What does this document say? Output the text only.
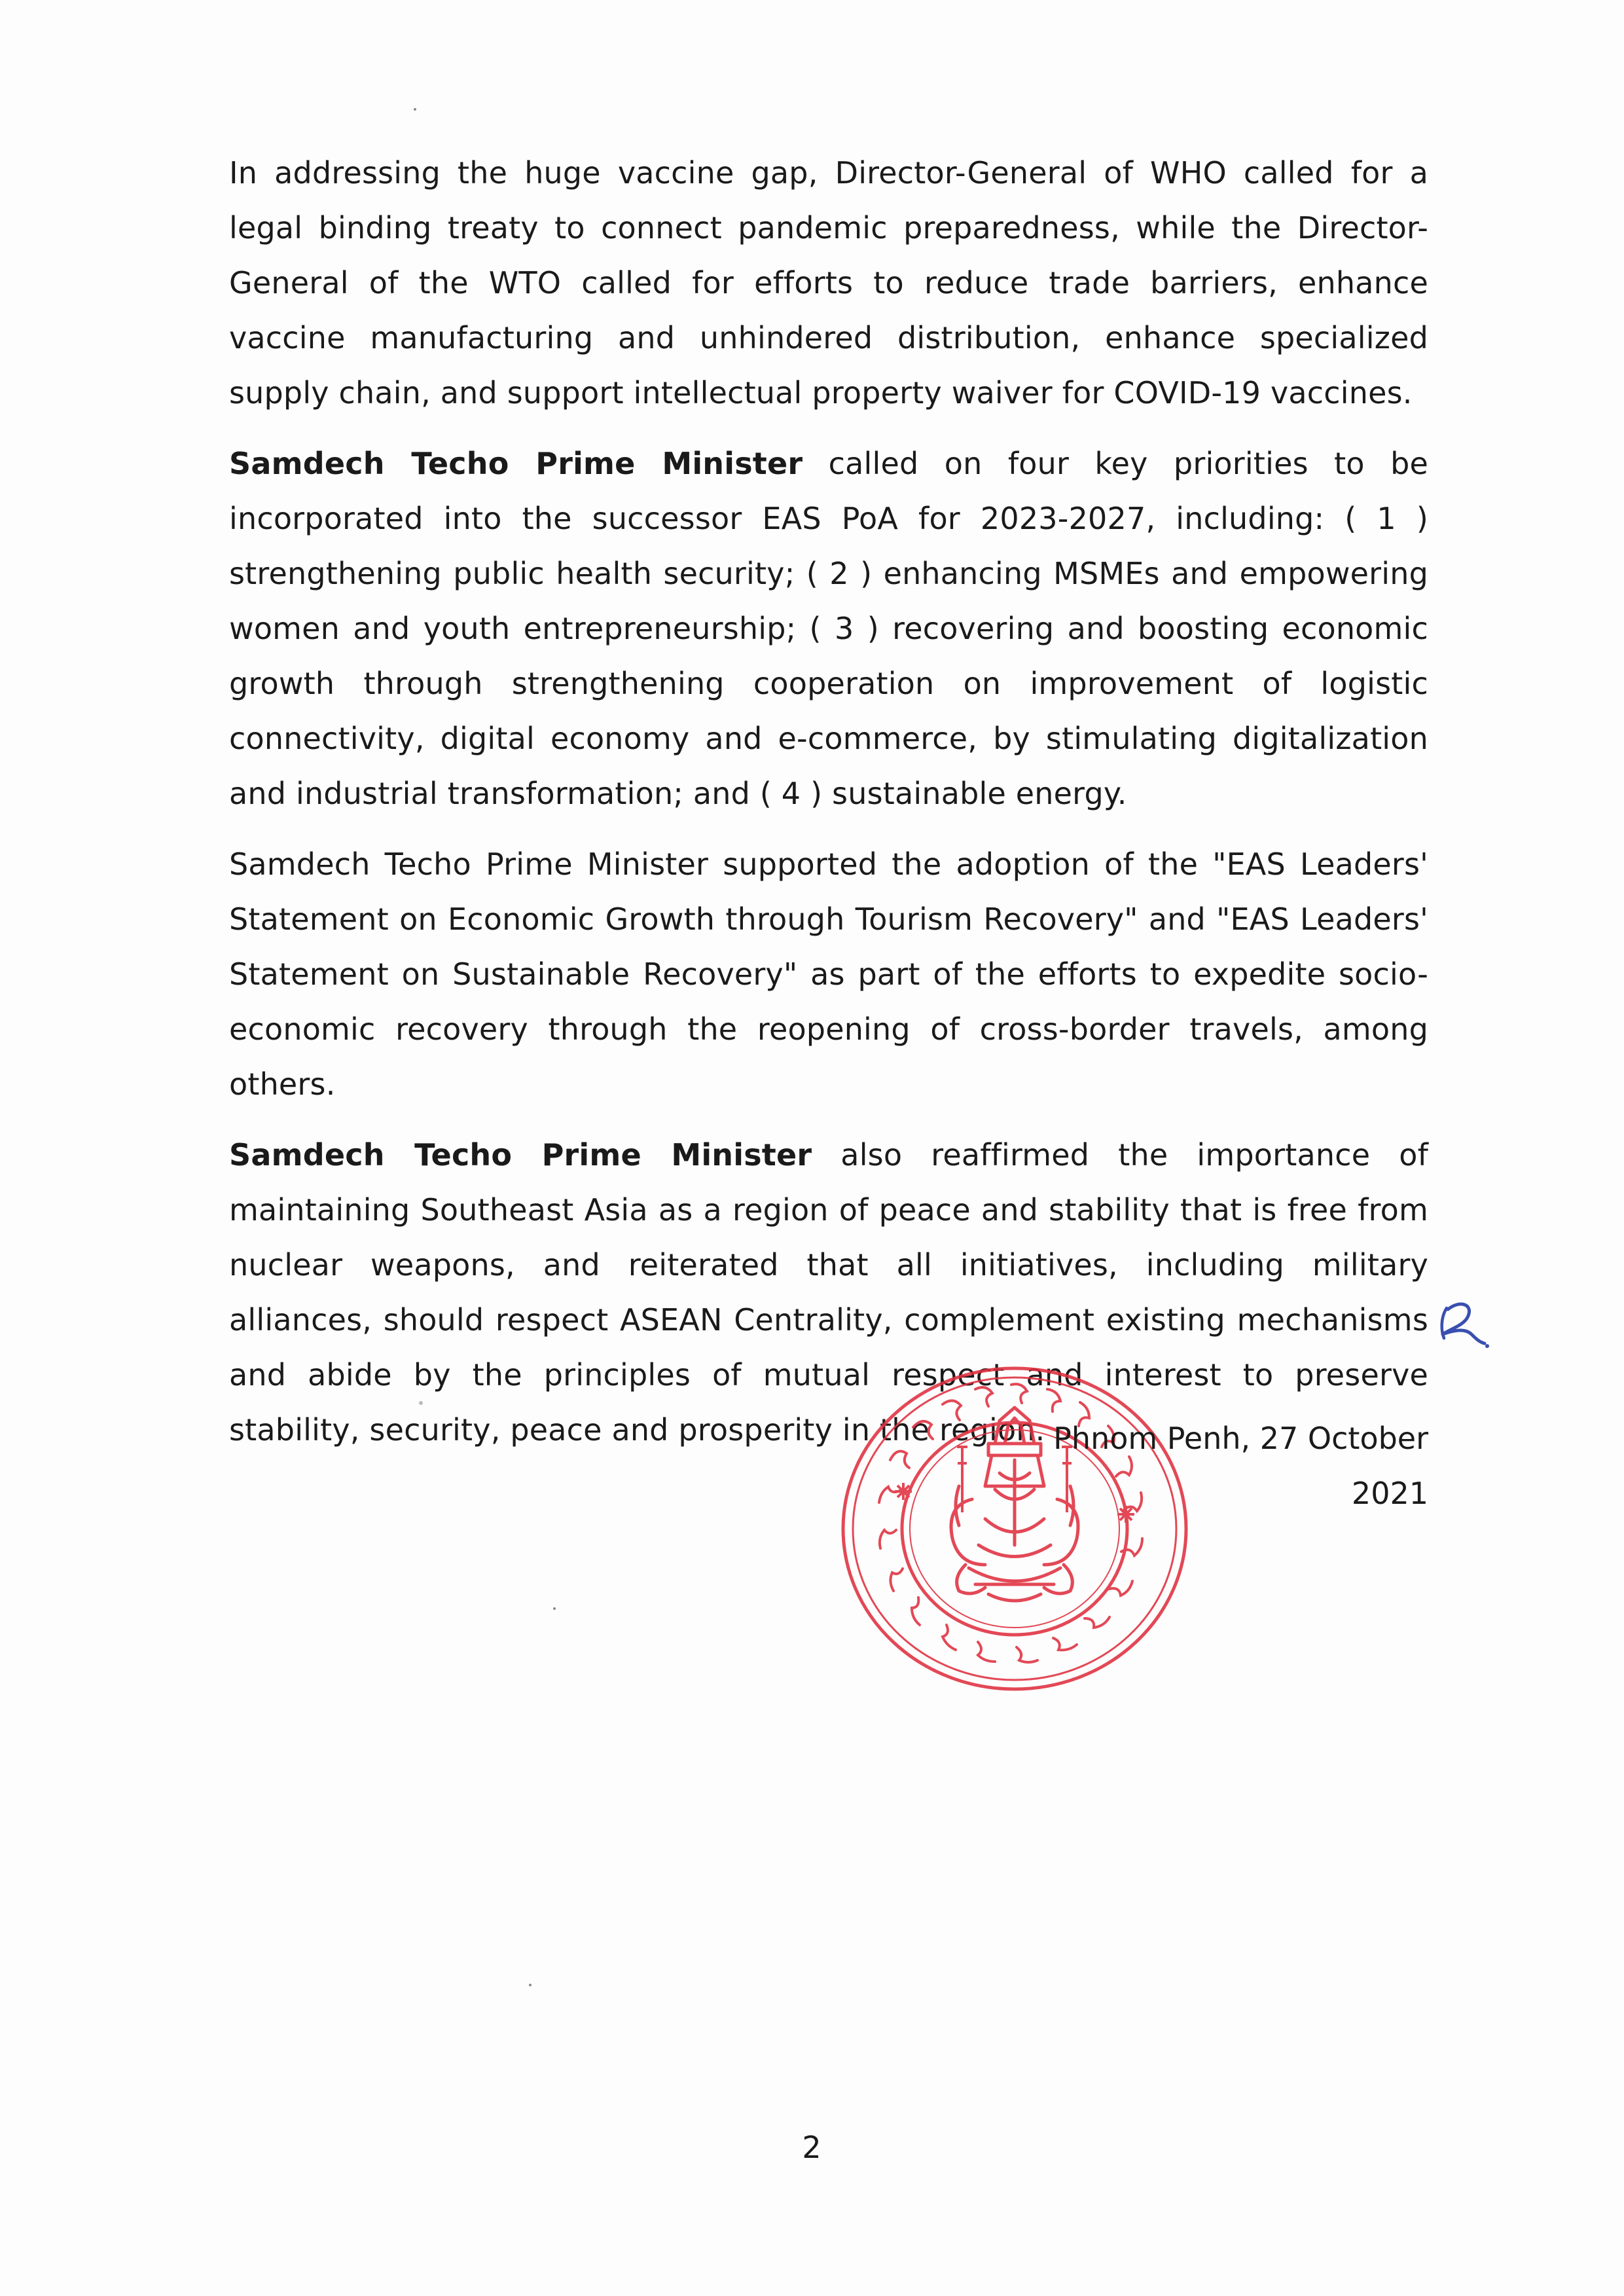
In addressing the huge vaccine gap, Director-General of WHO called for a legal binding treaty to connect pandemic preparedness, while the Director-General of the WTO called for efforts to reduce trade barriers, enhance vaccine manufacturing and unhindered distribution, enhance specialized supply chain, and support intellectual property waiver for COVID-19 vaccines.

Samdech Techo Prime Minister called on four key priorities to be incorporated into the successor EAS PoA for 2023-2027, including: ( 1 ) strengthening public health security; ( 2 ) enhancing MSMEs and empowering women and youth entrepreneurship; ( 3 ) recovering and boosting economic growth through strengthening cooperation on improvement of logistic connectivity, digital economy and e-commerce, by stimulating digitalization and industrial transformation; and ( 4 ) sustainable energy.

Samdech Techo Prime Minister supported the adoption of the "EAS Leaders' Statement on Economic Growth through Tourism Recovery" and "EAS Leaders' Statement on Sustainable Recovery" as part of the efforts to expedite socio-economic recovery through the reopening of cross-border travels, among others.

Samdech Techo Prime Minister also reaffirmed the importance of maintaining Southeast Asia as a region of peace and stability that is free from nuclear weapons, and reiterated that all initiatives, including military alliances, should respect ASEAN Centrality, complement existing mechanisms and abide by the principles of mutual respect and interest to preserve stability, security, peace and prosperity in the region. Phnom Penh, 27 October 2021
2
